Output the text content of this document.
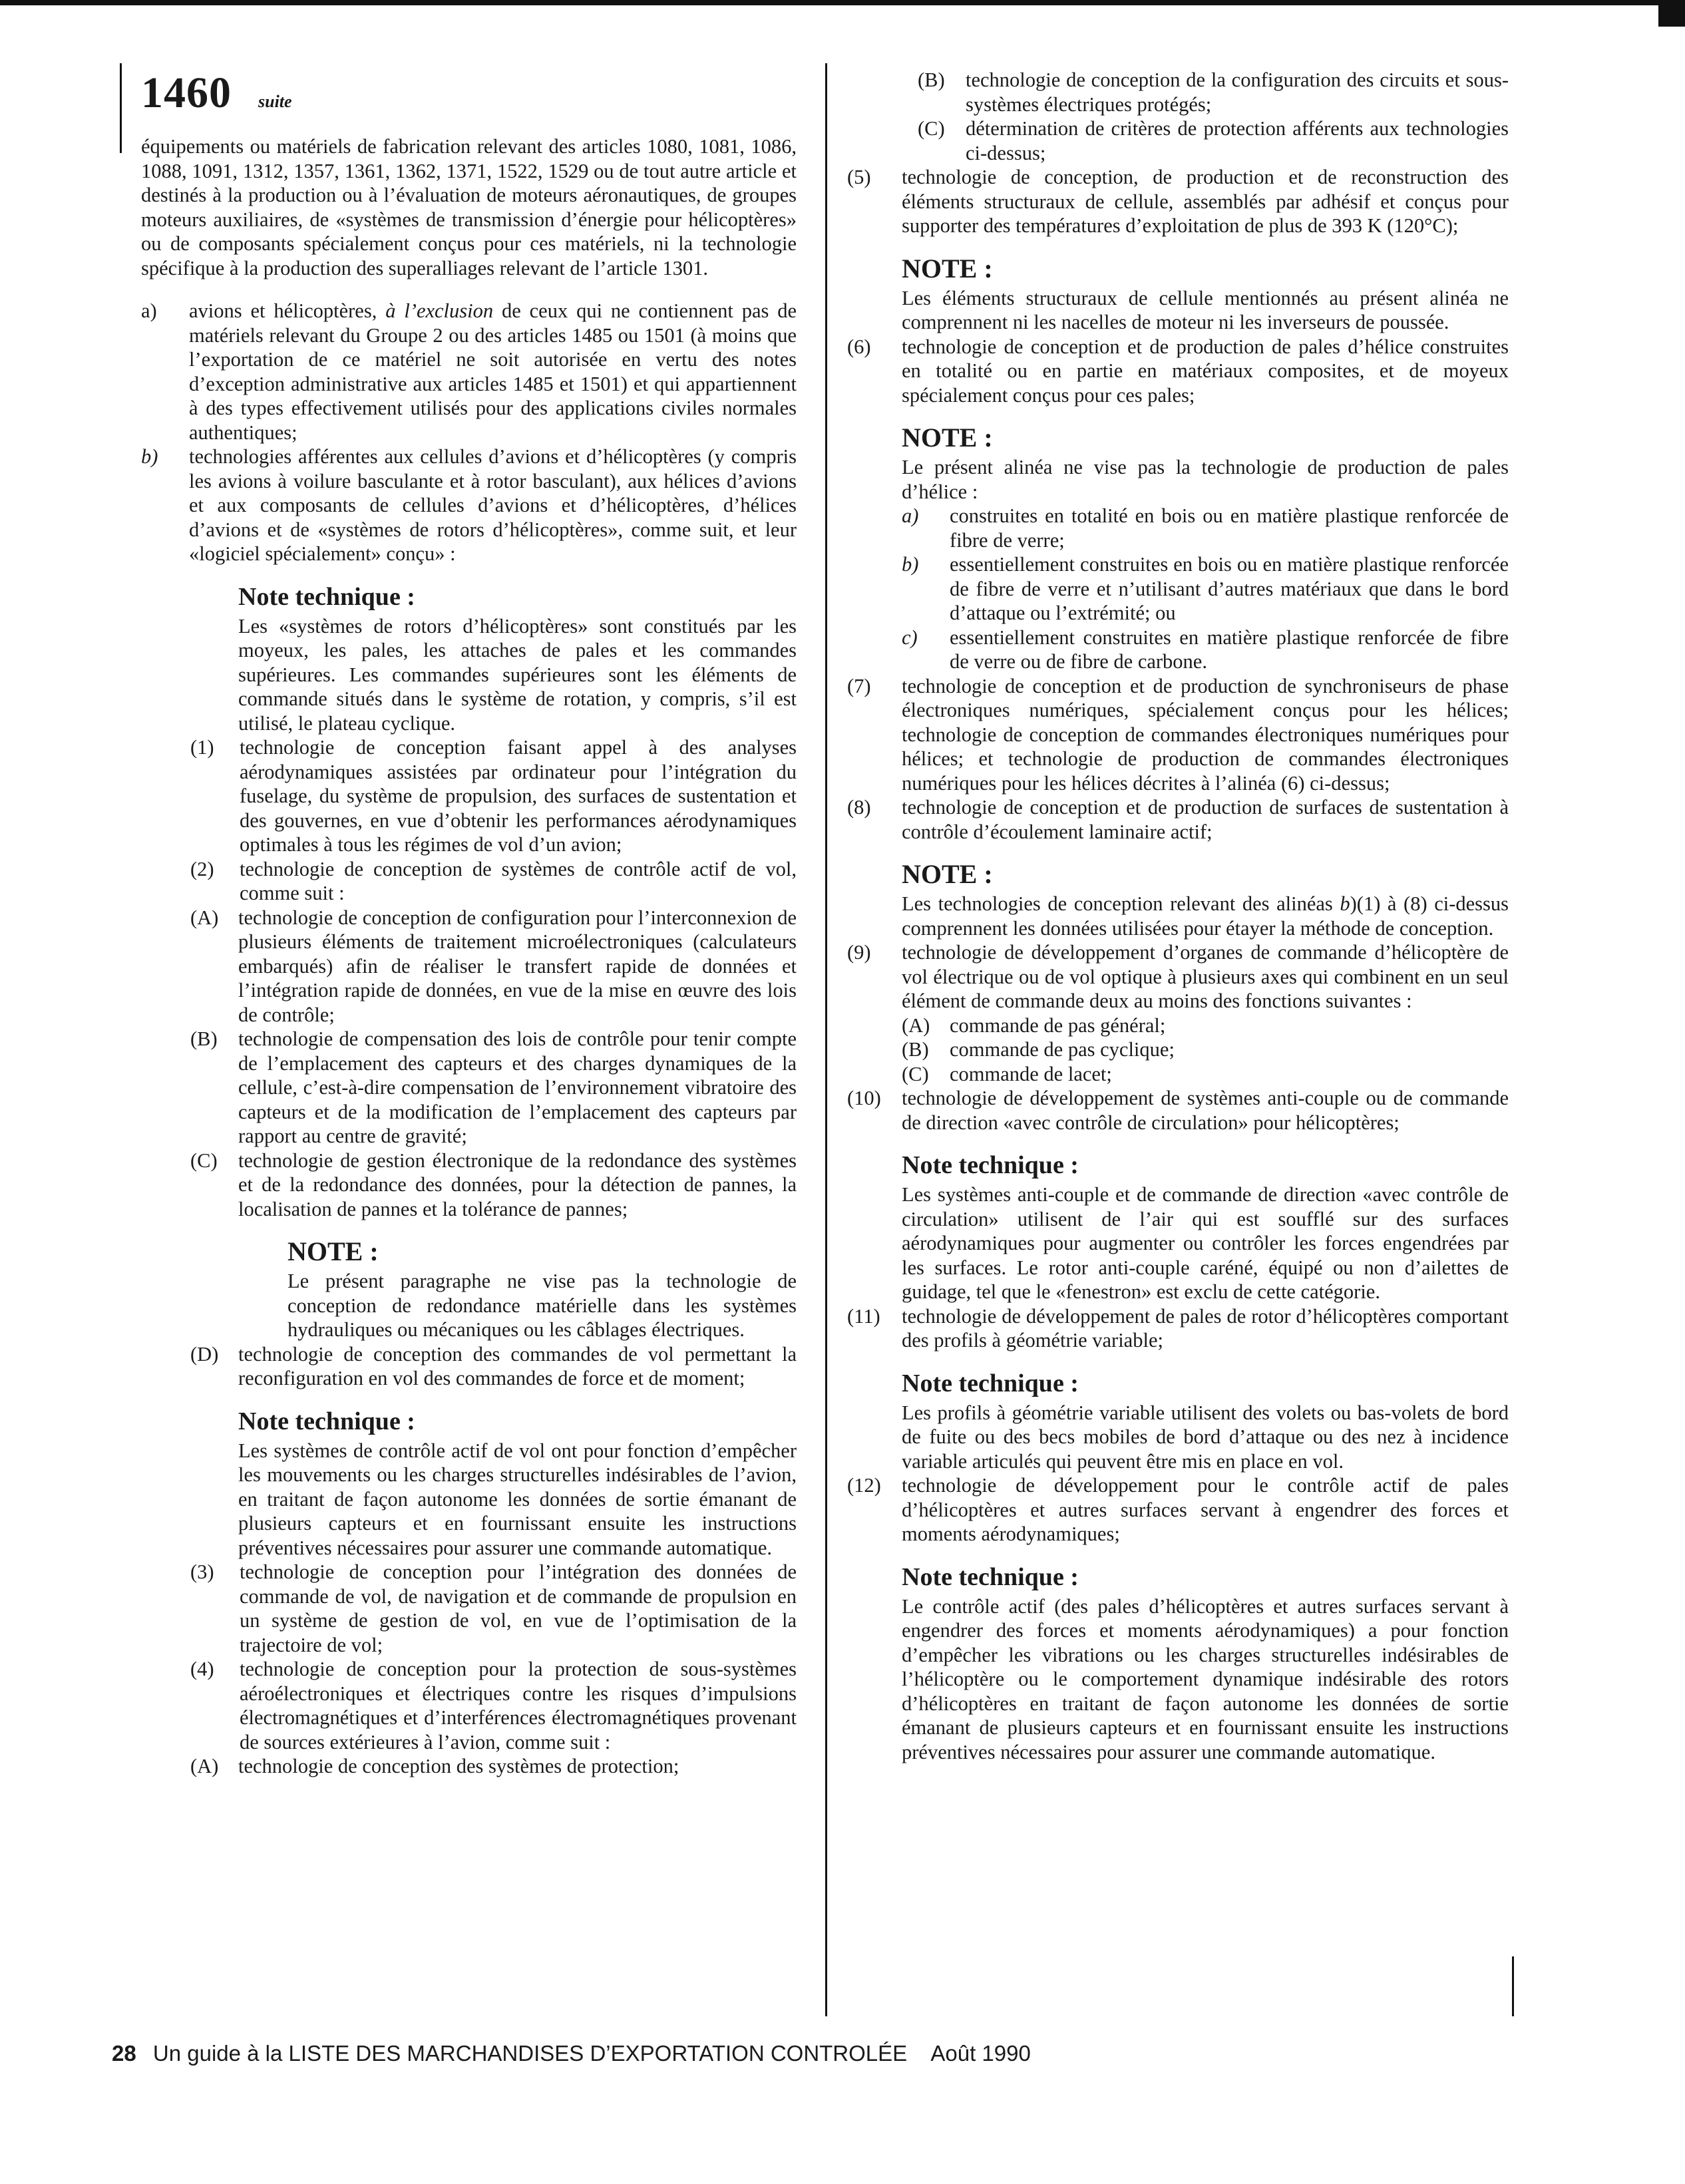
1460 suite

équipements ou matériels de fabrication relevant des articles 1080, 1081, 1086, 1088, 1091, 1312, 1357, 1361, 1362, 1371, 1522, 1529 ou de tout autre article et destinés à la production ou à l’évaluation de moteurs aéronautiques, de groupes moteurs auxiliaires, de «systèmes de transmission d’énergie pour hélicoptères» ou de composants spécialement conçus pour ces matériels, ni la technologie spécifique à la production des superalliages relevant de l’article 1301.

a)	avions et hélicoptères, à l’exclusion de ceux qui ne contiennent pas de matériels relevant du Groupe 2 ou des articles 1485 ou 1501 (à moins que l’exportation de ce matériel ne soit autorisée en vertu des notes d’exception administrative aux articles 1485 et 1501) et qui appartiennent à des types effectivement utilisés pour des applications civiles normales authentiques;
b)	technologies afférentes aux cellules d’avions et d’hélicoptères (y compris les avions à voilure basculante et à rotor basculant), aux hélices d’avions et aux composants de cellules d’avions et d’hélicoptères, d’hélices d’avions et de «systèmes de rotors d’hélicoptères», comme suit, et leur «logiciel spécialement» conçu» :
Note technique :

Les «systèmes de rotors d’hélicoptères» sont constitués par les moyeux, les pales, les attaches de pales et les commandes supérieures. Les commandes supérieures sont les éléments de commande situés dans le système de rotation, y compris, s’il est utilisé, le plateau cyclique.

(1)	technologie de conception faisant appel à des analyses aérodynamiques assistées par ordinateur pour l’intégration du fuselage, du système de propulsion, des surfaces de sustentation et des gouvernes, en vue d’obtenir les performances aérodynamiques optimales à tous les régimes de vol d’un avion;
(2)	technologie de conception de systèmes de contrôle actif de vol, comme suit :
(A) technologie de conception de configuration pour l’interconnexion de plusieurs éléments de traitement microélectroniques (calculateurs embarqués) afin de réaliser le transfert rapide de données et l’intégration rapide de données, en vue de la mise en œuvre des lois de contrôle;
(B)	technologie de compensation des lois de contrôle pour tenir compte de l’emplacement des capteurs et des charges dynamiques de la cellule, c’est-à-dire compensation de l’environnement vibratoire des capteurs et de la modification de l’emplacement des capteurs par rapport au centre de gravité;
(C)	technologie de gestion électronique de la redondance des systèmes et de la redondance des données, pour la détection de pannes, la localisation de pannes et la tolérance de pannes;
NOTE :

Le présent paragraphe ne vise pas la technologie de conception de redondance matérielle dans les systèmes hydrauliques ou mécaniques ou les câblages électriques.

(D) technologie de conception des commandes de vol permettant la reconfiguration en vol des commandes de force et de moment;
Note technique :

Les systèmes de contrôle actif de vol ont pour fonction d’empêcher les mouvements ou les charges structurelles indésirables de l’avion, en traitant de façon autonome les données de sortie émanant de plusieurs capteurs et en fournissant ensuite les instructions préventives nécessaires pour assurer une commande automatique.

(3)	technologie de conception pour l’intégration des données de commande de vol, de navigation et de commande de propulsion en un système de gestion de vol, en vue de l’optimisation de la trajectoire de vol;
(4)	technologie de conception pour la protection de sous-systèmes aéroélectroniques et électriques contre les risques d’impulsions électromagnétiques et d’interférences électromagnétiques provenant de sources extérieures à l’avion, comme suit :
(A) technologie de conception des systèmes de protection;
(B)	technologie de conception de la configuration des circuits et sous-systèmes électriques protégés;
(C)	détermination de critères de protection afférents aux technologies ci-dessus;
(5)	technologie de conception, de production et de reconstruction des éléments structuraux de cellule, assemblés par adhésif et conçus pour supporter des températures d’exploitation de plus de 393 K (120°C);
NOTE :

Les éléments structuraux de cellule mentionnés au présent alinéa ne comprennent ni les nacelles de moteur ni les inverseurs de poussée.

(6)	technologie de conception et de production de pales d’hélice construites en totalité ou en partie en matériaux composites, et de moyeux spécialement conçus pour ces pales;
NOTE :

Le présent alinéa ne vise pas la technologie de production de pales d’hélice :

a)	construites en totalité en bois ou en matière plastique renforcée de fibre de verre;
b)	essentiellement construites en bois ou en matière plastique renforcée de fibre de verre et n’utilisant d’autres matériaux que dans le bord d’attaque ou l’extrémité; ou
c)	essentiellement construites en matière plastique renforcée de fibre de verre ou de fibre de carbone.
(7)	technologie de conception et de production de synchroniseurs de phase électroniques numériques, spécialement conçus pour les hélices; technologie de conception de commandes électroniques numériques pour hélices; et technologie de production de commandes électroniques numériques pour les hélices décrites à l’alinéa (6) ci-dessus;
(8)	technologie de conception et de production de surfaces de sustentation à contrôle d’écoulement laminaire actif;
NOTE :

Les technologies de conception relevant des alinéas b)(1) à (8) ci-dessus comprennent les données utilisées pour étayer la méthode de conception.

(9)	technologie de développement d’organes de commande d’hélicoptère de vol électrique ou de vol optique à plusieurs axes qui combinent en un seul élément de commande deux au moins des fonctions suivantes :
(A) commande de pas général;
(B)	commande de pas cyclique;
(C)	commande de lacet;
(10)	technologie de développement de systèmes anti-couple ou de commande de direction «avec contrôle de circulation» pour hélicoptères;
Note technique :

Les systèmes anti-couple et de commande de direction «avec contrôle de circulation» utilisent de l’air qui est soufflé sur des surfaces aérodynamiques pour augmenter ou contrôler les forces engendrées par les surfaces. Le rotor anti-couple caréné, équipé ou non d’ailettes de guidage, tel que le «fenestron» est exclu de cette catégorie.

(11)	technologie de développement de pales de rotor d’hélicoptères comportant des profils à géométrie variable;
Note technique :

Les profils à géométrie variable utilisent des volets ou bas-volets de bord de fuite ou des becs mobiles de bord d’attaque ou des nez à incidence variable articulés qui peuvent être mis en place en vol.

(12)	technologie de développement pour le contrôle actif de pales d’hélicoptères et autres surfaces servant à engendrer des forces et moments aérodynamiques;
Note technique :

Le contrôle actif (des pales d’hélicoptères et autres surfaces servant à engendrer des forces et moments aérodynamiques) a pour fonction d’empêcher les vibrations ou les charges structurelles indésirables de l’hélicoptère ou le comportement dynamique indésirable des rotors d’hélicoptères en traitant de façon autonome les données de sortie émanant de plusieurs capteurs et en fournissant ensuite les instructions préventives nécessaires pour assurer une commande automatique.

28 Un guide à la LISTE DES MARCHANDISES D’EXPORTATION CONTROLÉE Août 1990
